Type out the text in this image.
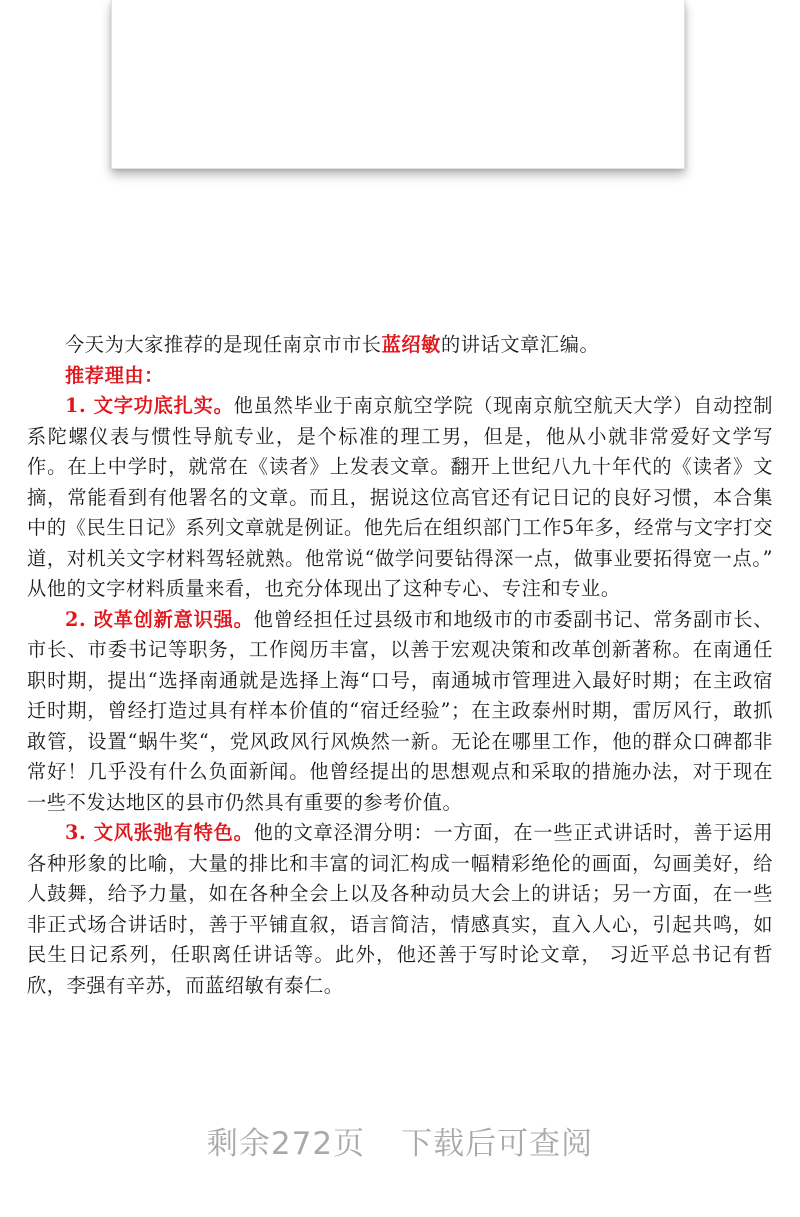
今天为大家推荐的是现任南京市市长蓝绍敏的讲话文章汇编。

推荐理由：

1. 文字功底扎实。他虽然毕业于南京航空学院（现南京航空航天大学）自动控制系陀螺仪表与惯性导航专业，是个标准的理工男，但是，他从小就非常爱好文学写作。在上中学时，就常在《读者》上发表文章。翻开上世纪八九十年代的《读者》文摘，常能看到有他署名的文章。而且，据说这位高官还有记日记的良好习惯，本合集中的《民生日记》系列文章就是例证。他先后在组织部门工作5年多，经常与文字打交道，对机关文字材料驾轻就熟。他常说“做学问要钻得深一点，做事业要拓得宽一点。” 从他的文字材料质量来看，也充分体现出了这种专心、专注和专业。

2. 改革创新意识强。他曾经担任过县级市和地级市的市委副书记、常务副市长、市长、市委书记等职务，工作阅历丰富，以善于宏观决策和改革创新著称。在南通任职时期，提出“选择南通就是选择上海“口号，南通城市管理进入最好时期；在主政宿迁时期，曾经打造过具有样本价值的“宿迁经验”；在主政泰州时期，雷厉风行，敢抓敢管，设置“蜗牛奖“，党风政风行风焕然一新。无论在哪里工作，他的群众口碑都非常好！几乎没有什么负面新闻。他曾经提出的思想观点和采取的措施办法，对于现在一些不发达地区的县市仍然具有重要的参考价值。

3. 文风张弛有特色。他的文章泾渭分明：一方面，在一些正式讲话时，善于运用各种形象的比喻，大量的排比和丰富的词汇构成一幅精彩绝伦的画面，勾画美好，给人鼓舞，给予力量，如在各种全会上以及各种动员大会上的讲话；另一方面，在一些非正式场合讲话时，善于平铺直叙，语言简洁，情感真实，直入人心，引起共鸣，如民生日记系列，任职离任讲话等。此外，他还善于写时论文章， 习近平总书记有哲欣，李强有辛苏，而蓝绍敏有泰仁。

剩余272页 下载后可查阅
